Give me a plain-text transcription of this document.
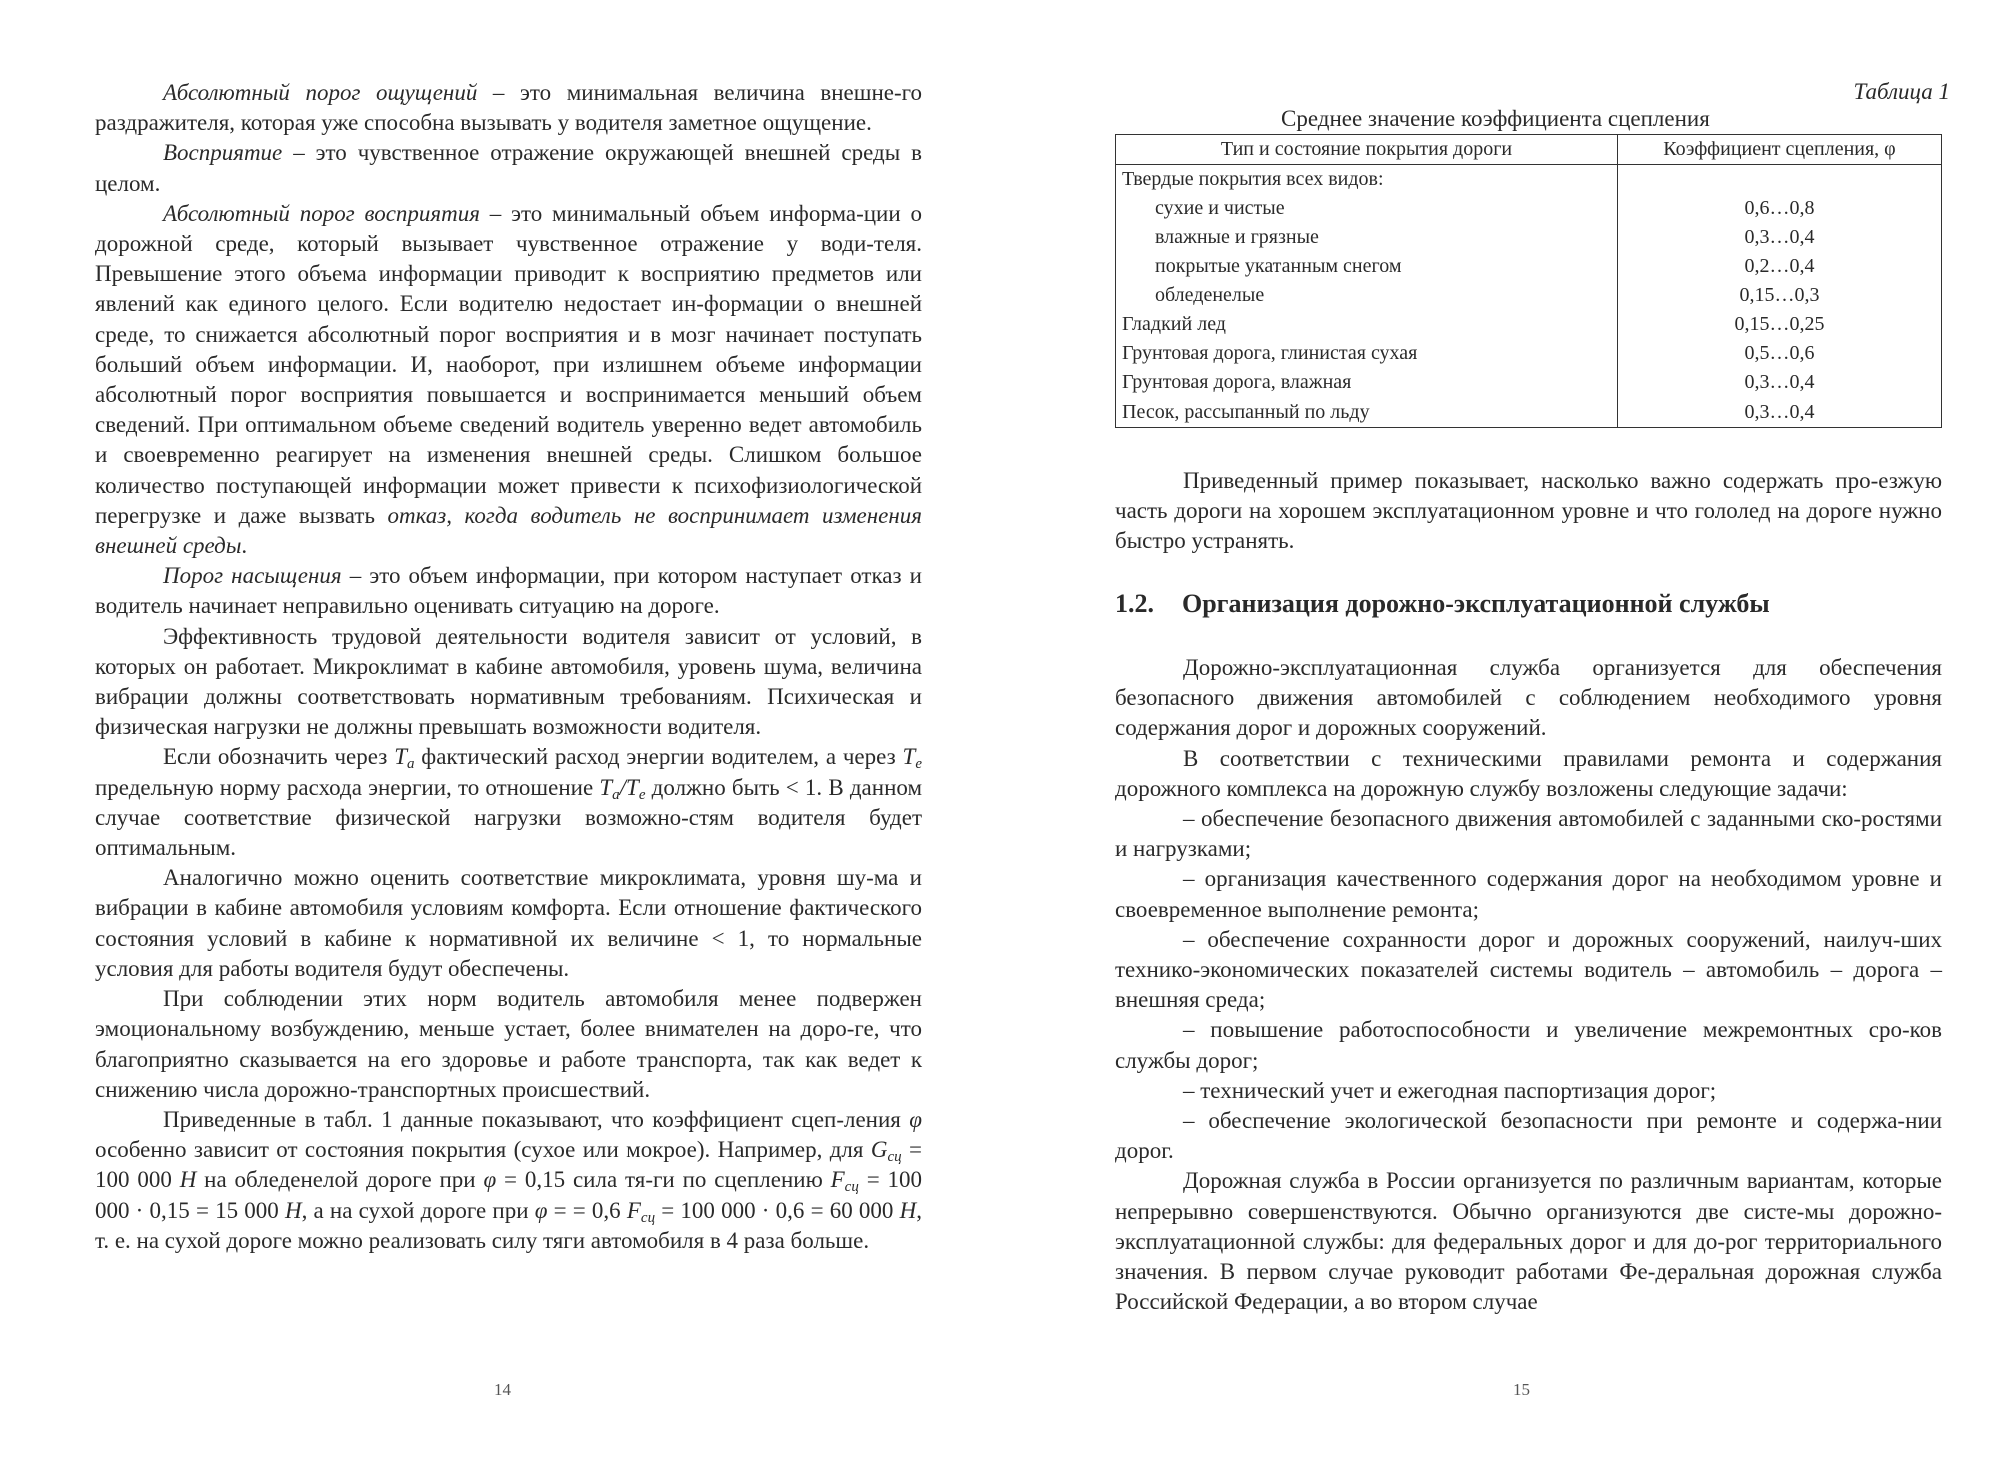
Абсолютный порог ощущений – это минимальная величина внешне-го раздражителя, которая уже способна вызывать у водителя заметное ощущение.

Восприятие – это чувственное отражение окружающей внешней среды в целом.

Абсолютный порог восприятия – это минимальный объем информа-ции о дорожной среде, который вызывает чувственное отражение у води-теля. Превышение этого объема информации приводит к восприятию предметов или явлений как единого целого. Если водителю недостает ин-формации о внешней среде, то снижается абсолютный порог восприятия и в мозг начинает поступать больший объем информации. И, наоборот, при излишнем объеме информации абсолютный порог восприятия повышается и воспринимается меньший объем сведений. При оптимальном объеме сведений водитель уверенно ведет автомобиль и своевременно реагирует на изменения внешней среды. Слишком большое количество поступающей информации может привести к психофизиологической перегрузке и даже вызвать отказ, когда водитель не воспринимает изменения внешней среды.

Порог насыщения – это объем информации, при котором наступает отказ и водитель начинает неправильно оценивать ситуацию на дороге.

Эффективность трудовой деятельности водителя зависит от условий, в которых он работает. Микроклимат в кабине автомобиля, уровень шума, величина вибрации должны соответствовать нормативным требованиям. Психическая и физическая нагрузки не должны превышать возможности водителя.

Если обозначить через $T_a$ фактический расход энергии водителем, а через $T_e$ предельную норму расхода энергии, то отношение $T_a/T_e$ должно быть < 1. В данном случае соответствие физической нагрузки возможно-стям водителя будет оптимальным.

Аналогично можно оценить соответствие микроклимата, уровня шу-ма и вибрации в кабине автомобиля условиям комфорта. Если отношение фактического состояния условий в кабине к нормативной их величине < 1, то нормальные условия для работы водителя будут обеспечены.

При соблюдении этих норм водитель автомобиля менее подвержен эмоциональному возбуждению, меньше устает, более внимателен на доро-ге, что благоприятно сказывается на его здоровье и работе транспорта, так как ведет к снижению числа дорожно-транспортных происшествий.

Приведенные в табл. 1 данные показывают, что коэффициент сцеп-ления φ особенно зависит от состояния покрытия (сухое или мокрое). Например, для $G_{сц} = 100$ 000 Н на обледенелой дороге при φ = 0,15 сила тя-ги по сцеплению $F_{сц} = 100$ 000 · 0,15 = 15 000 Н, а на сухой дороге при φ = = 0,6 $F_{сц} = 100$ 000 · 0,6 = 60 000 Н, т. е. на сухой дороге можно реализовать силу тяги автомобиля в 4 раза больше.

14
Таблица 1
Среднее значение коэффициента сцепления
Тип и состояние покрытия дороги	Коэффициент сцепления, φ
Твердые покрытия всех видов:	
сухие и чистые	0,6…0,8
влажные и грязные	0,3…0,4
покрытые укатанным снегом	0,2…0,4
обледенелые	0,15…0,3
Гладкий лед	0,15…0,25
Грунтовая дорога, глинистая сухая	0,5…0,6
Грунтовая дорога, влажная	0,3…0,4
Песок, рассыпанный по льду	0,3…0,4

Приведенный пример показывает, насколько важно содержать про-езжую часть дороги на хорошем эксплуатационном уровне и что гололед на дороге нужно быстро устранять.

1.2. Организация дорожно-эксплуатационной службы

Дорожно-эксплуатационная служба организуется для обеспечения безопасного движения автомобилей с соблюдением необходимого уровня содержания дорог и дорожных сооружений.

В соответствии с техническими правилами ремонта и содержания дорожного комплекса на дорожную службу возложены следующие задачи:

– обеспечение безопасного движения автомобилей с заданными ско-ростями и нагрузками;

– организация качественного содержания дорог на необходимом уровне и своевременное выполнение ремонта;

– обеспечение сохранности дорог и дорожных сооружений, наилуч-ших технико-экономических показателей системы водитель – автомобиль – дорога – внешняя среда;

– повышение работоспособности и увеличение межремонтных сро-ков службы дорог;

– технический учет и ежегодная паспортизация дорог;

– обеспечение экологической безопасности при ремонте и содержа-нии дорог.

Дорожная служба в России организуется по различным вариантам, которые непрерывно совершенствуются. Обычно организуются две систе-мы дорожно-эксплуатационной службы: для федеральных дорог и для до-рог территориального значения. В первом случае руководит работами Фе-деральная дорожная служба Российской Федерации, а во втором случае

15
